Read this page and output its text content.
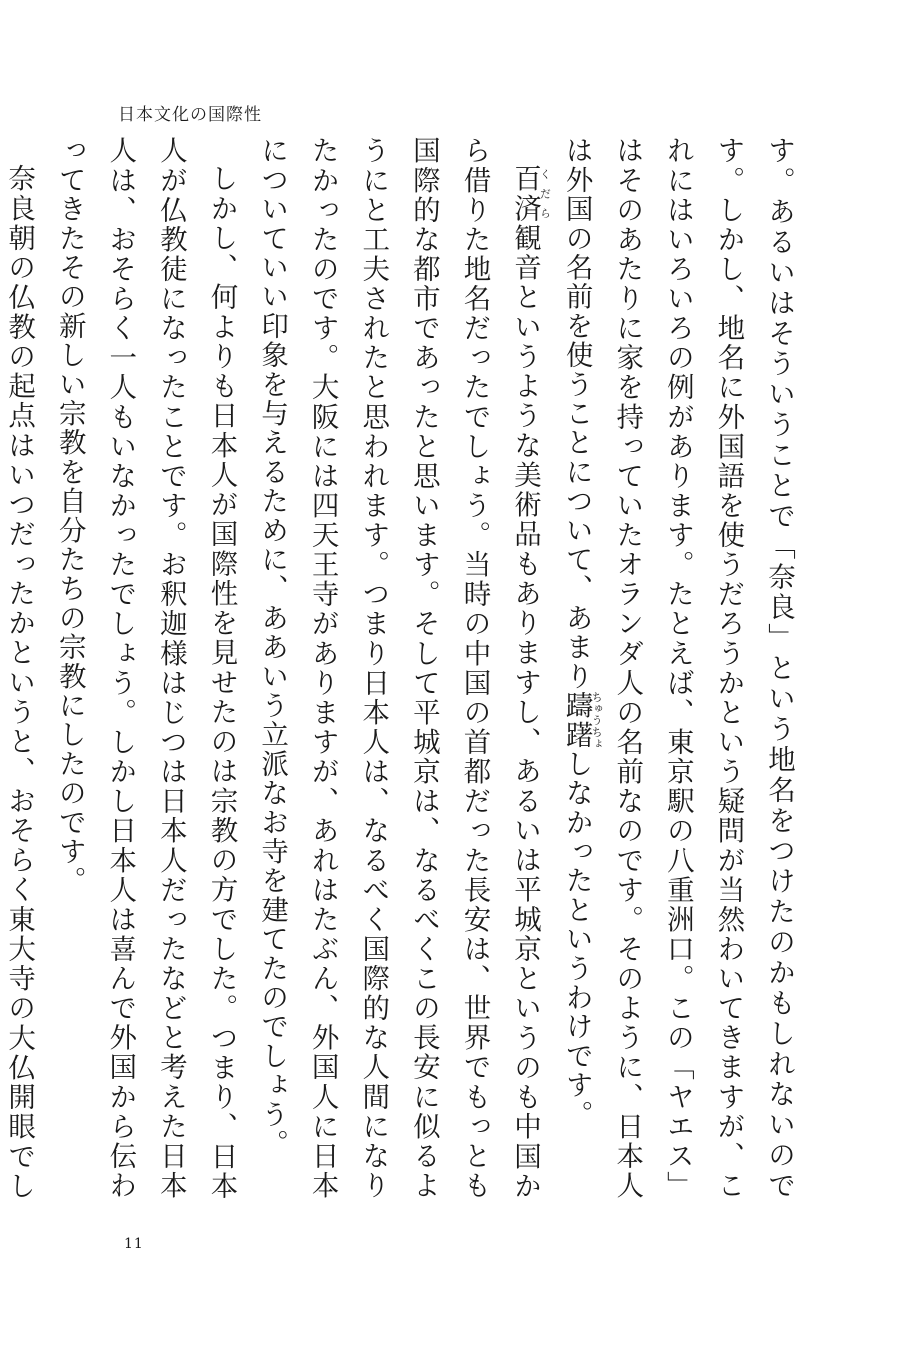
日本文化の国際性

す。あるいはそういうことで「奈良」という地名をつけたのかもしれないのです。しかし、地名に外国語を使うだろうかという疑問が当然わいてきますが、これにはいろいろの例があります。たとえば、東京駅の八重洲口。この「ヤエス」はそのあたりに家を持っていたオランダ人の名前なのです。そのように、日本人は外国の名前を使うことについて、あまり躊躇ちゅうちょしなかったというわけです。

百済くだら観音というような美術品もありますし、あるいは平城京というのも中国から借りた地名だったでしょう。当時の中国の首都だった長安は、世界でもっとも国際的な都市であったと思います。そして平城京は、なるべくこの長安に似るようにと工夫されたと思われます。つまり日本人は、なるべく国際的な人間になりたかったのです。大阪には四天王寺がありますが、あれはたぶん、外国人に日本についていい印象を与えるために、ああいう立派なお寺を建てたのでしょう。

しかし、何よりも日本人が国際性を見せたのは宗教の方でした。つまり、日本人が仏教徒になったことです。お釈迦様はじつは日本人だったなどと考えた日本人は、おそらく一人もいなかったでしょう。しかし日本人は喜んで外国から伝わってきたその新しい宗教を自分たちの宗教にしたのです。

奈良朝の仏教の起点はいつだったかというと、おそらく東大寺の大仏開眼でし

11
